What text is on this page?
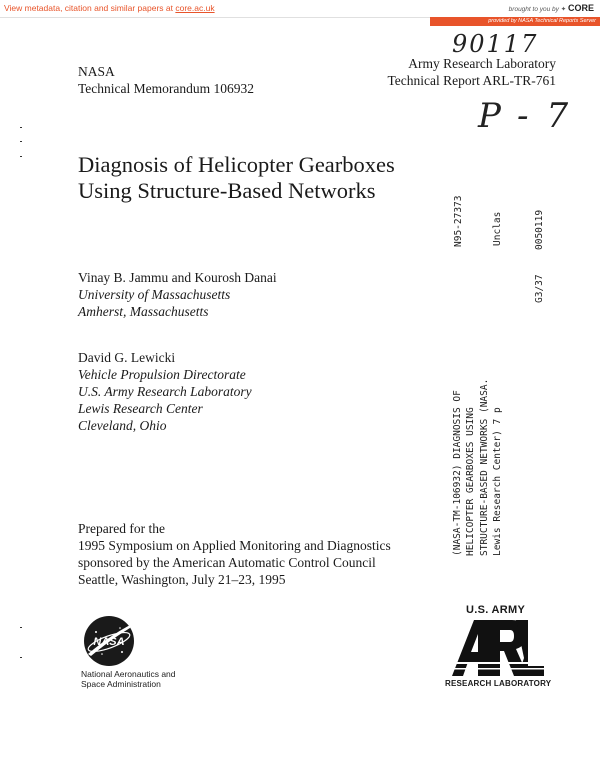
View metadata, citation and similar papers at core.ac.uk	brought to you by ✦ CORE
provided by NASA Technical Reports Server
90117
P-7
NASA
Technical Memorandum 106932
Army Research Laboratory
Technical Report ARL-TR-761
Diagnosis of Helicopter Gearboxes
Using Structure-Based Networks
Vinay B. Jammu and Kourosh Danai
University of Massachusetts
Amherst, Massachusetts
David G. Lewicki
Vehicle Propulsion Directorate
U.S. Army Research Laboratory
Lewis Research Center
Cleveland, Ohio
Prepared for the
1995 Symposium on Applied Monitoring and Diagnostics
sponsored by the American Automatic Control Council
Seattle, Washington, July 21–23, 1995
N95-27373	Unclas	0050119
G3/37
(NASA-TM-106932) DIAGNOSIS OF HELICOPTER GEARBOXES USING STRUCTURE-BASED NETWORKS (NASA. Lewis Research Center) 7 p
NASA
National Aeronautics and
Space Administration
U.S. ARMY
RESEARCH LABORATORY
